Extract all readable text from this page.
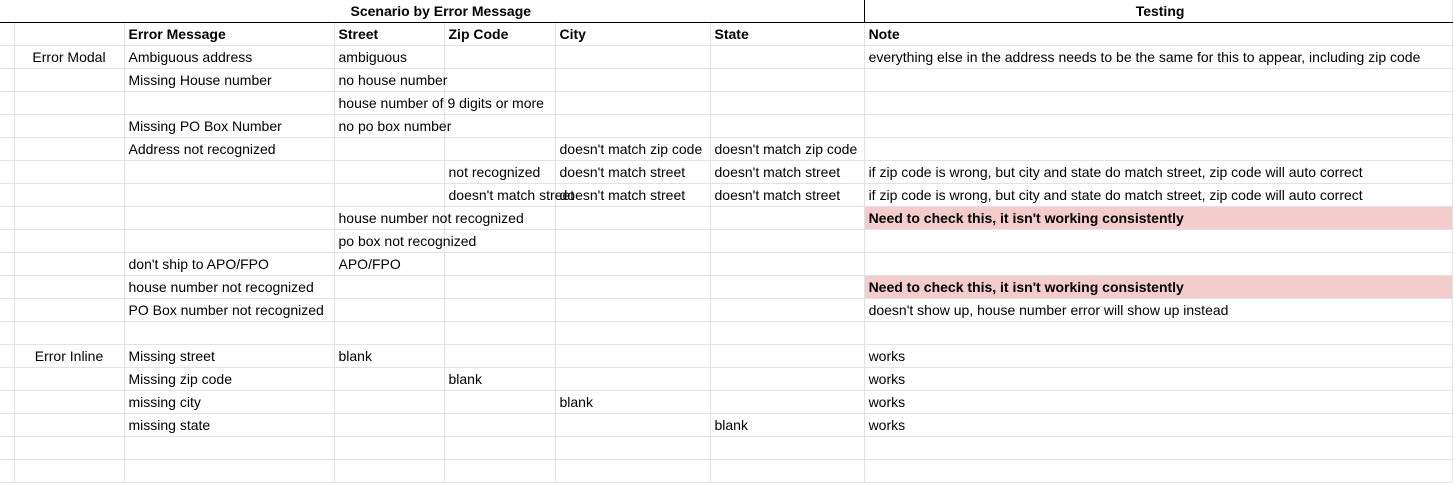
	Scenario by Error Message						Testing
		Error Message	Street	Zip Code	City	State	Note
	Error Modal	Ambiguous address	ambiguous				everything else in the address needs to be the same for this to appear, including zip code
		Missing House number	no house number				
			house number of 9 digits or more				
		Missing PO Box Number	no po box number				
		Address not recognized			doesn't match zip code	doesn't match zip code	
				not recognized	doesn't match street	doesn't match street	if zip code is wrong, but city and state do match street, zip code will auto correct
				doesn't match street	doesn't match street	doesn't match street	if zip code is wrong, but city and state do match street, zip code will auto correct
			house number not recognized				Need to check this, it isn't working consistently
			po box not recognized				
		don't ship to APO/FPO	APO/FPO				
		house number not recognized					Need to check this, it isn't working consistently
		PO Box number not recognized					doesn't show up, house number error will show up instead

	Error Inline	Missing street	blank				works
		Missing zip code		blank			works
		missing city			blank		works
		missing state				blank	works
